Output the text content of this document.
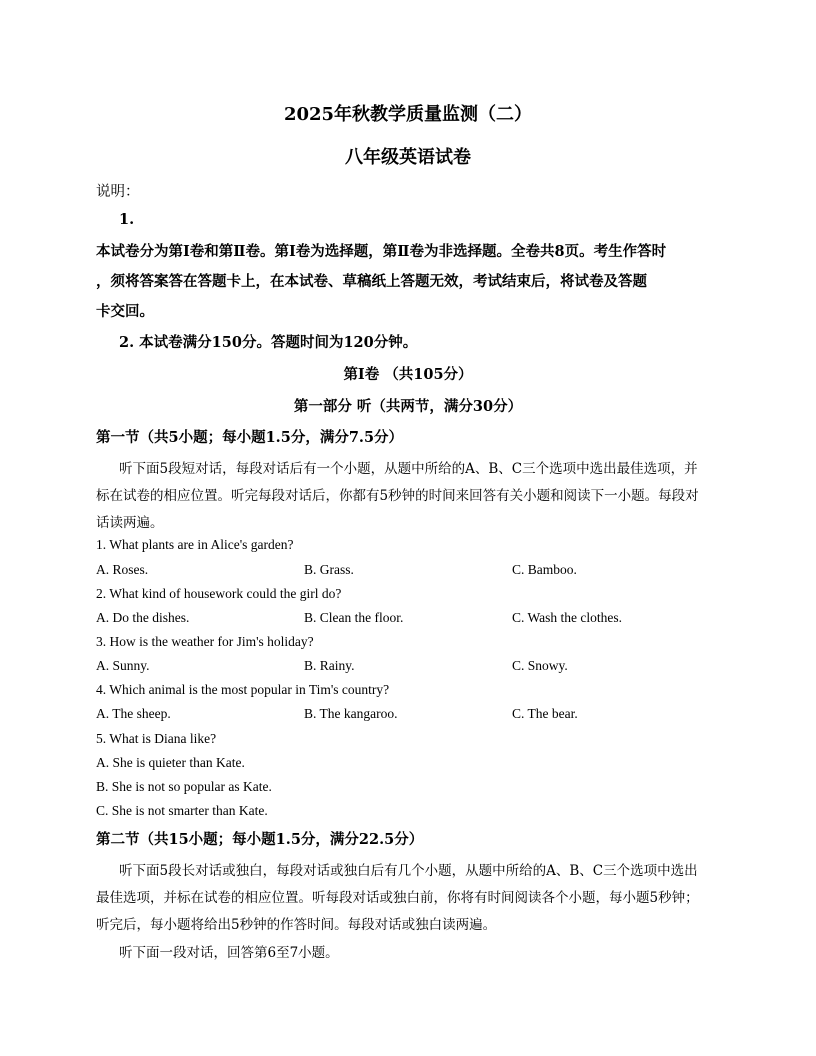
2025年秋教学质量监测（二）
八年级英语试卷
说明：
1.
本试卷分为第Ⅰ卷和第Ⅱ卷。第Ⅰ卷为选择题，第Ⅱ卷为非选择题。全卷共8页。考生作答时
，须将答案答在答题卡上，在本试卷、草稿纸上答题无效，考试结束后，将试卷及答题
卡交回。
2. 本试卷满分150分。答题时间为120分钟。
第Ⅰ卷 （共105分）
第一部分 听（共两节，满分30分）
第一节（共5小题；每小题1.5分，满分7.5分）
听下面5段短对话，每段对话后有一个小题，从题中所给的A、B、C三个选项中选出最佳选项，并
标在试卷的相应位置。听完每段对话后，你都有5秒钟的时间来回答有关小题和阅读下一小题。每段对
话读两遍。
1. What plants are in Alice's garden?
A. Roses.	B. Grass.	C. Bamboo.
2. What kind of housework could the girl do?
A. Do the dishes.	B. Clean the floor.	C. Wash the clothes.
3. How is the weather for Jim's holiday?
A. Sunny.	B. Rainy.	C. Snowy.
4. Which animal is the most popular in Tim's country?
A. The sheep.	B. The kangaroo.	C. The bear.
5. What is Diana like?
A. She is quieter than Kate.
B. She is not so popular as Kate.
C. She is not smarter than Kate.
第二节（共15小题；每小题1.5分，满分22.5分）
听下面5段长对话或独白，每段对话或独白后有几个小题，从题中所给的A、B、C三个选项中选出
最佳选项，并标在试卷的相应位置。听每段对话或独白前，你将有时间阅读各个小题，每小题5秒钟；
听完后，每小题将给出5秒钟的作答时间。每段对话或独白读两遍。
听下面一段对话，回答第6至7小题。
